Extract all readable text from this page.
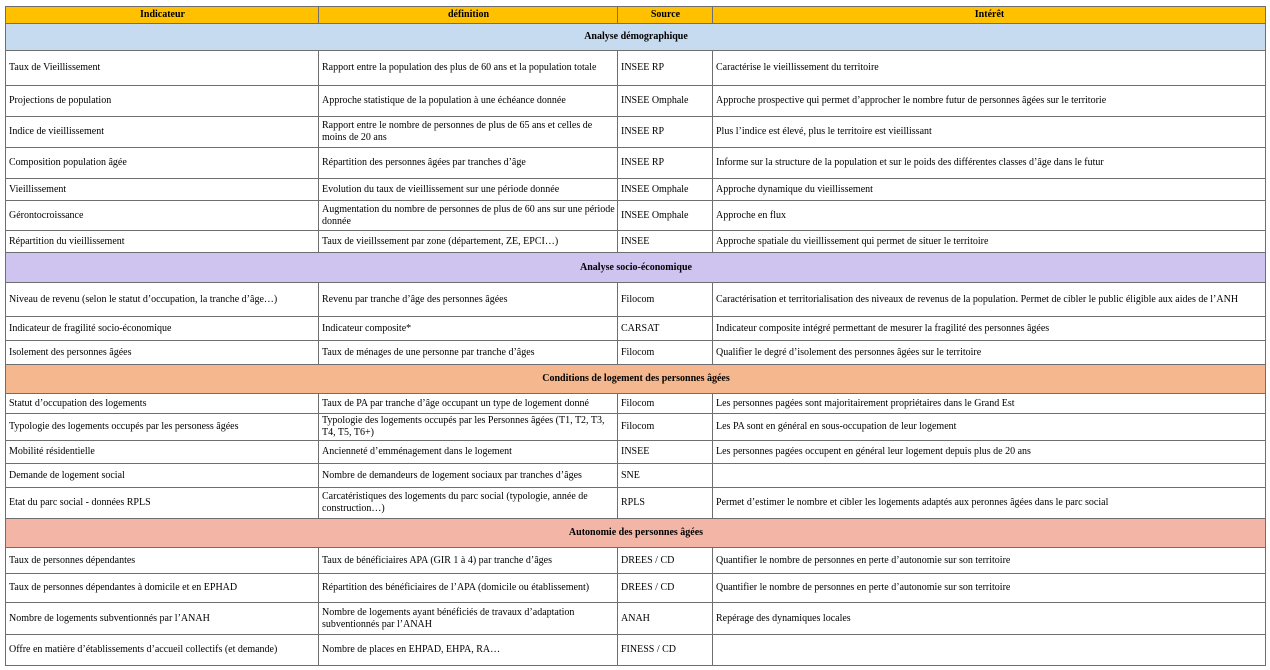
Indicateur	définition	Source	Intérêt
Analyse démographique			
Taux de Vieillissement	Rapport entre la population des plus de 60 ans et la population totale	INSEE RP	Caractérise le vieillissement du territoire
Projections de population	Approche statistique de la population à une échéance donnée	INSEE Omphale	Approche prospective qui permet d’approcher le nombre futur de personnes âgées sur le territorie
Indice de vieillissement	Rapport entre le nombre de personnes de plus de 65 ans et celles de moins de 20 ans	INSEE RP	Plus l’indice est élevé, plus le territoire est vieillissant
Composition population âgée	Répartition des personnes âgées par tranches d’âge	INSEE RP	Informe sur la structure de la population et sur le poids des différentes classes d’âge dans le futur
Vieillissement	Evolution du taux de vieillissement sur une période donnée	INSEE Omphale	Approche dynamique du vieillissement
Gérontocroissance	Augmentation du nombre de personnes de plus de 60 ans sur une période donnée	INSEE Omphale	Approche en flux
Répartition du vieillissement	Taux de vieillssement par zone (département, ZE, EPCI…)	INSEE	Approche spatiale du vieillissement qui permet de situer le territoire
Analyse socio-économique			
Niveau de revenu (selon le statut d’occupation, la tranche d’âge…)	Revenu par tranche d’âge des personnes âgées	Filocom	Caractérisation et territorialisation des niveaux de revenus de la population. Permet de cibler le public éligible aux aides de l’ANH
Indicateur de fragilité socio-économique	Indicateur composite*	CARSAT	Indicateur composite intégré permettant de mesurer la fragilité des personnes âgées
Isolement des personnes âgées	Taux de ménages de une personne par tranche d’âges	Filocom	Qualifier le degré d’isolement des personnes âgées sur le territoire
Conditions de logement des personnes âgées			
Statut d’occupation des logements	Taux de PA par tranche d’âge occupant un type de logement donné	Filocom	Les personnes pagées sont majoritairement propriétaires dans le Grand Est
Typologie des logements occupés par les personess âgées	Typologie des logements occupés par les Personnes âgées (T1, T2, T3, T4, T5, T6+)	Filocom	Les PA sont en général en sous-occupation de leur logement
Mobilité résidentielle	Ancienneté d’emménagement dans le logement	INSEE	Les personnes pagées occupent en général leur logement depuis plus de 20 ans
Demande de logement social	Nombre de demandeurs de logement sociaux par tranches d’âges	SNE	
Etat du parc social - données RPLS	Carcatéristiques des logements du parc social (typologie, année de construction…)	RPLS	Permet d’estimer le nombre et cibler les logements adaptés aux peronnes âgées dans le parc social
Autonomie des personnes âgées			
Taux de personnes dépendantes	Taux de bénéficiaires APA (GIR 1 à 4) par tranche d’âges	DREES / CD	Quantifier le nombre de personnes en perte d’autonomie sur son territoire
Taux de personnes dépendantes à domicile et en EPHAD	Répartition des bénéficiaires de l’APA (domicile ou établissement)	DREES / CD	Quantifier le nombre de personnes en perte d’autonomie sur son territoire
Nombre de logements subventionnés par l’ANAH	Nombre de logements ayant bénéficiés de travaux d’adaptation subventionnés par l’ANAH	ANAH	Repérage des dynamiques locales
Offre en matière d’établissements d’accueil collectifs (et demande)	Nombre de places en EHPAD, EHPA, RA…	FINESS / CD	
